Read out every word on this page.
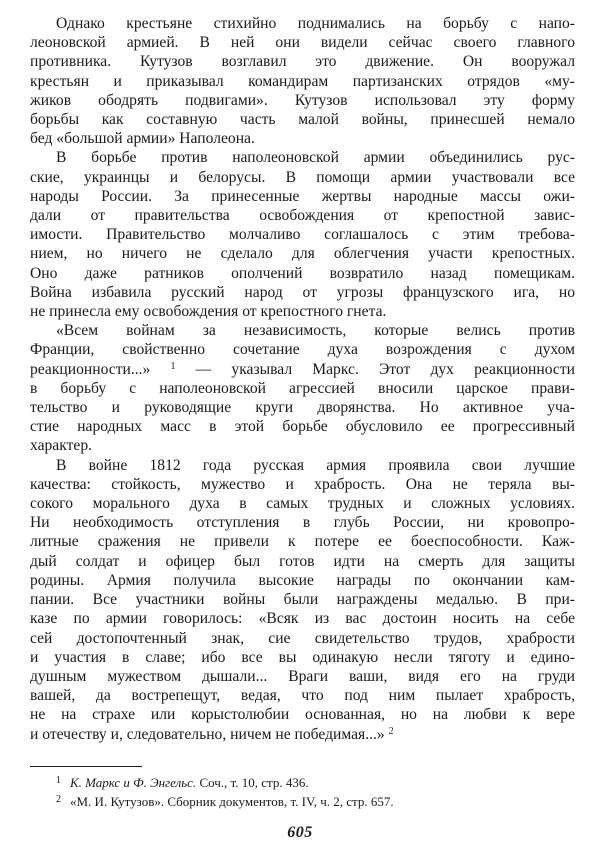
Однако крестьяне стихийно поднимались на борьбу с напо-
леоновской армией. В ней они видели сейчас своего главного
противника. Кутузов возглавил это движение. Он вооружал
крестьян и приказывал командирам партизанских отрядов «му-
жиков ободрять подвигами». Кутузов использовал эту форму
борьбы как составную часть малой войны, принесшей немало
бед «большой армии» Наполеона.

В борьбе против наполеоновской армии объединились рус-
ские, украинцы и белорусы. В помощи армии участвовали все
народы России. За принесенные жертвы народные массы ожи-
дали от правительства освобождения от крепостной завис-
имости. Правительство молчаливо соглашалось с этим требова-
нием, но ничего не сделало для облегчения участи крепостных.
Оно даже ратников ополчений возвратило назад помещикам.
Война избавила русский народ от угрозы французского ига, но
не принесла ему освобождения от крепостного гнета.

«Всем войнам за независимость, которые велись против
Франции, свойственно сочетание духа возрождения с духом
реакционности...» $^1$ — указывал Маркс. Этот дух реакционности
в борьбу с наполеоновской агрессией вносили царское прави-
тельство и руководящие круги дворянства. Но активное уча-
стие народных масс в этой борьбе обусловило ее прогрессивный
характер.

В войне 1812 года русская армия проявила свои лучшие
качества: стойкость, мужество и храбрость. Она не теряла вы-
сокого морального духа в самых трудных и сложных условиях.
Ни необходимость отступления в глубь России, ни кровопро-
литные сражения не привели к потере ее боеспособности. Каж-
дый солдат и офицер был готов идти на смерть для защиты
родины. Армия получила высокие награды по окончании кам-
пании. Все участники войны были награждены медалью. В при-
казе по армии говорилось: «Всяк из вас достоин носить на себе
сей достопочтенный знак, сие свидетельство трудов, храбрости
и участия в славе; ибо все вы одинакую несли тяготу и едино-
душным мужеством дышали... Враги ваши, видя его на груди
вашей, да вострепещут, ведая, что под ним пылает храбрость,
не на страхе или корыстолюбии основанная, но на любви к вере
и отечеству и, следовательно, ничем не победимая...» $^2$

1 К. Маркс и Ф. Энгельс. Соч., т. 10, стр. 436.
2 «М. И. Кутузов». Сборник документов, т. IV, ч. 2, стр. 657.
605
